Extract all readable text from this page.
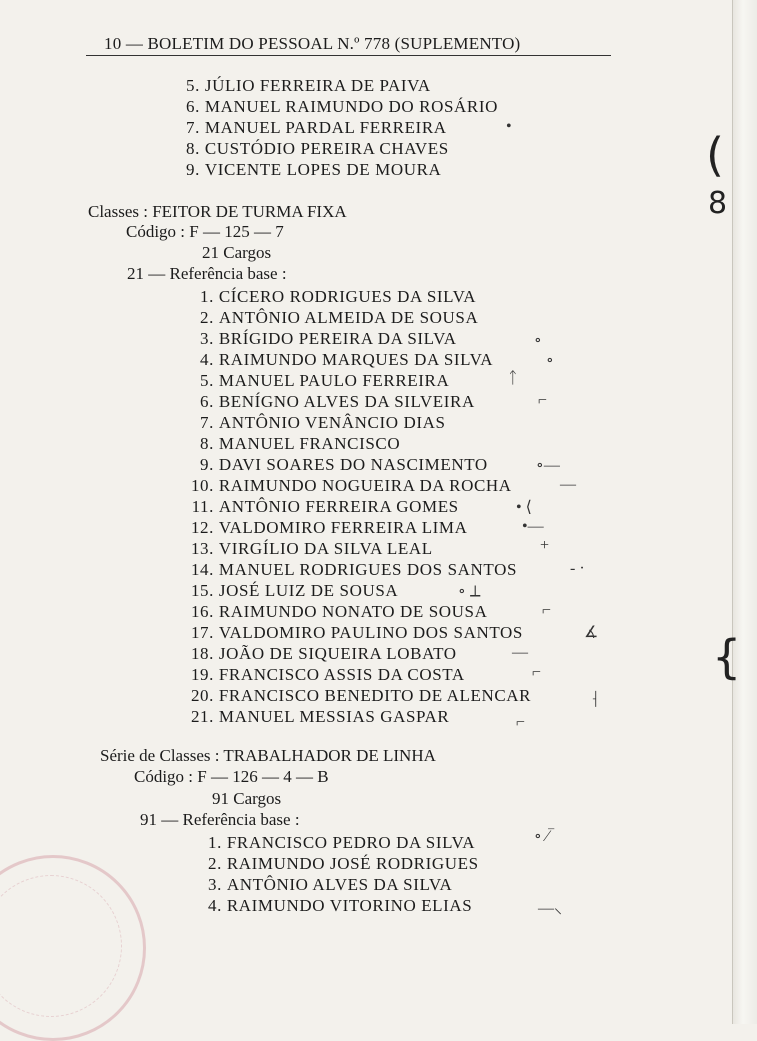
(
8
{
10 — BOLETIM DO PESSOAL N.º 778 (SUPLEMENTO)
5. JÚLIO FERREIRA DE PAIVA
6. MANUEL RAIMUNDO DO ROSÁRIO
7. MANUEL PARDAL FERREIRA
8. CUSTÓDIO PEREIRA CHAVES
9. VICENTE LOPES DE MOURA
Classes : FEITOR DE TURMA FIXA
Código : F — 125 — 7
21 Cargos
21 — Referência base :
1. CÍCERO RODRIGUES DA SILVA
2. ANTÔNIO ALMEIDA DE SOUSA
3. BRÍGIDO PEREIRA DA SILVA
4. RAIMUNDO MARQUES DA SILVA
5. MANUEL PAULO FERREIRA
6. BENÍGNO ALVES DA SILVEIRA
7. ANTÔNIO VENÂNCIO DIAS
8. MANUEL FRANCISCO
9. DAVI SOARES DO NASCIMENTO
10. RAIMUNDO NOGUEIRA DA ROCHA
11. ANTÔNIO FERREIRA GOMES
12. VALDOMIRO FERREIRA LIMA
13. VIRGÍLIO DA SILVA LEAL
14. MANUEL RODRIGUES DOS SANTOS
15. JOSÉ LUIZ DE SOUSA
16. RAIMUNDO NONATO DE SOUSA
17. VALDOMIRO PAULINO DOS SANTOS
18. JOÃO DE SIQUEIRA LOBATO
19. FRANCISCO ASSIS DA COSTA
20. FRANCISCO BENEDITO DE ALENCAR
21. MANUEL MESSIAS GASPAR
Série de Classes : TRABALHADOR DE LINHA
Código : F — 126 — 4 — B
91 Cargos
91 — Referência base :
1. FRANCISCO PEDRO DA SILVA
2. RAIMUNDO JOSÉ RODRIGUES
3. ANTÔNIO ALVES DA SILVA
4. RAIMUNDO VITORINO ELIAS
•
∘
∘
ᛏ
⌐
∘—
—
• ⟨
•—
+
- ·
∘ ⟂
⌐
∡
—
⌐
⸡
⌐
∘ ⁄‾
—⸜
